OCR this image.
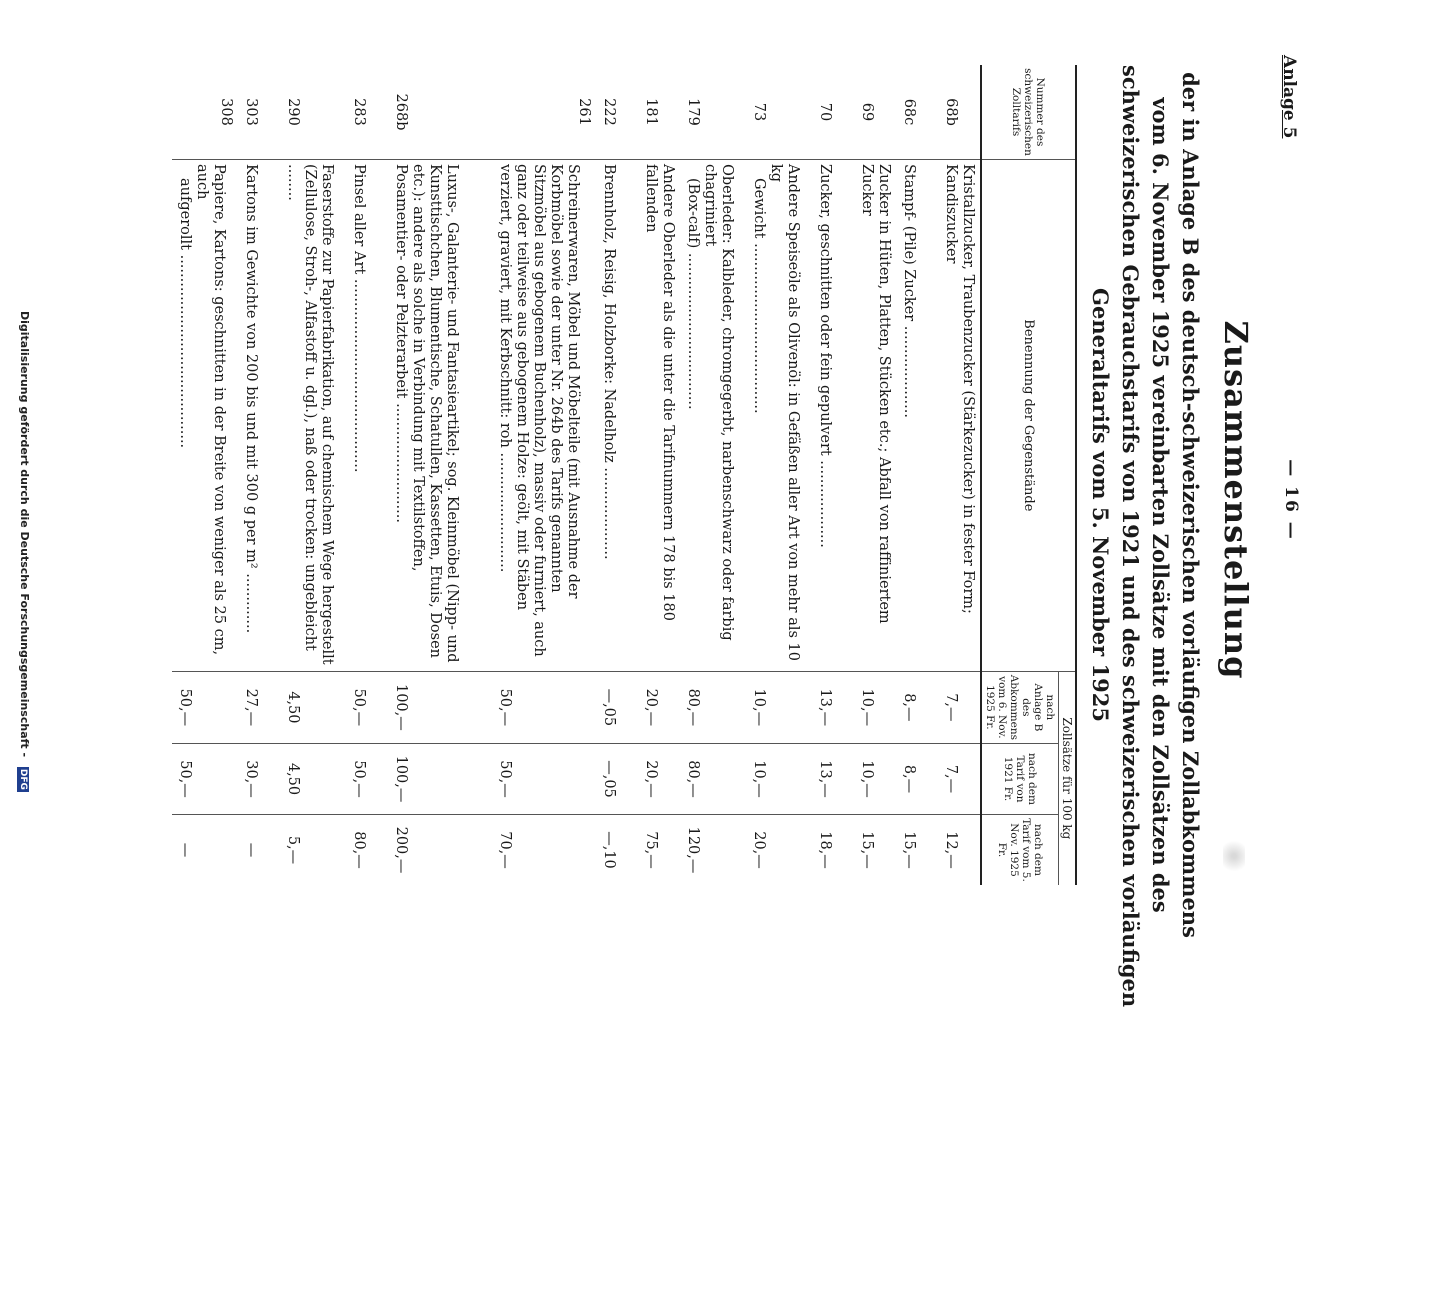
Digitalisierung gefördert durch die Deutsche Forschungsgemeinschaft - DFG
Anlage 5
— 16 —
Zusammenstellung
der in Anlage B des deutsch-schweizerischen vorläufigen Zollabkommens
vom 6. November 1925 vereinbarten Zollsätze mit den Zollsätzen des
schweizerischen Gebrauchstarifs von 1921 und des schweizerischen vorläufigen
Generaltarifs vom 5. November 1925
Nummer des schweizerischen Zolltarifs	Benennung der Gegenstände	Zollsätze für 100 kg		
		nach Anlage B des Abkommens vom 6. Nov. 1925 Fr.	nach dem Tarif von 1921 Fr.	nach dem Tarif vom 5. Nov. 1925 Fr.
68b	Kristallzucker, Traubenzucker (Stärkezucker) in fester Form; Kandiszucker	7,—	7,—	12,—
68c	Stampf- (Pile) Zucker ....................	8,—	8,—	15,—
69	Zucker in Hüten, Platten, Stücken etc.; Abfall von raffiniertem Zucker	10,—	10,—	15,—
70	Zucker, geschnitten oder fein gepulvert ...................	13,—	13,—	18,—
73	Andere Speiseöle als Olivenöl: in Gefäßen aller Art von mehr als 10 kg
Gewicht .....................................	10,—	10,—	20,—
179	Oberleder: Kalbleder, chromgegerbt, narbenschwarz oder farbig chagriniert
(Box-calf) ..................................	80,—	80,—	120,—
181	Andere Oberleder als die unter die Tarifnummern 178 bis 180 fallenden	20,—	20,—	75,—
222	Brennholz, Reisig, Holzborke: Nadelholz ....................	—,05	—,05	—,10
261	Schreinerwaren, Möbel und Möbelteile (mit Ausnahme der Korbmöbel sowie der unter Nr. 264b des Tarifs genannten Sitzmöbel aus gebogenem Buchenholz), massiv oder furniert, auch ganz oder teilweise aus gebogenem Holze: geölt, mit Stäben verziert, graviert, mit Kerbschnitt: roh ..........................	50,—	50,—	70,—
268b	Luxus-, Galanterie- und Fantasieartikel; sog. Kleinmöbel (Nipp- und Kunsttischchen, Blumentische, Schatullen, Kassetten, Etuis, Dosen etc.): andere als solche in Verbindung mit Textilstoffen, Posamentier- oder Pelzterarbeit ..........................	100,—	100,—	200,—
283	Pinsel aller Art ..........................................	50,—	50,—	80,—
290	Faserstoffe zur Papierfabrikation, auf chemischem Wege hergestellt (Zellulose, Stroh-, Alfastoff u. dgl.), naß oder trocken: ungebleicht ........	4,50	4,50	5,—
303	Kartons im Gewichte von 200 bis und mit 300 g per m² .............	27,—	30,—	—
308	Papiere, Kartons: geschnitten in der Breite von weniger als 25 cm, auch
aufgerollt ..........................................	50,—	50,—	—
